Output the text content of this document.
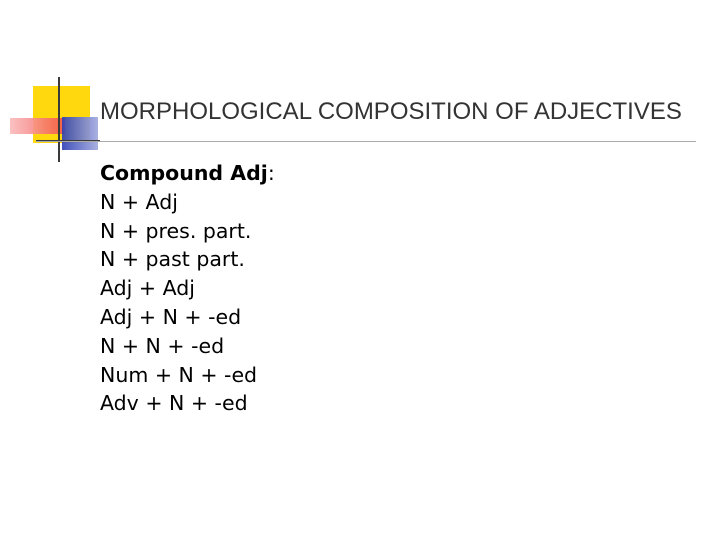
MORPHOLOGICAL COMPOSITION OF ADJECTIVES
Compound Adj:
N + Adj
N + pres. part.
N + past part.
Adj + Adj
Adj + N + -ed
N + N + -ed
Num + N + -ed
Adv + N + -ed
